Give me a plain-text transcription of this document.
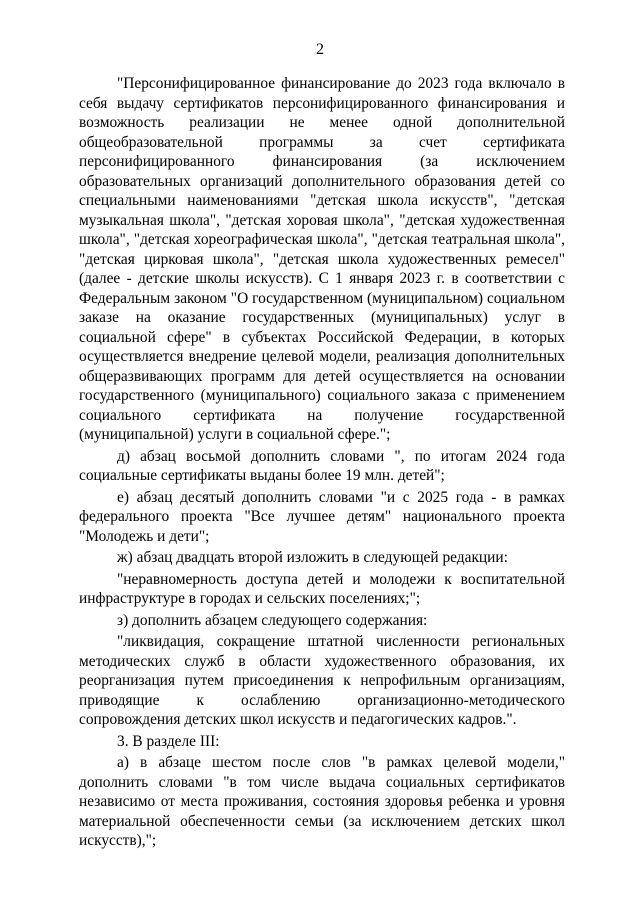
2

"Персонифицированное финансирование до 2023 года включало в себя выдачу сертификатов персонифицированного финансирования и возможность реализации не менее одной дополнительной общеобразовательной программы за счет сертификата персонифицированного финансирования (за исключением образовательных организаций дополнительного образования детей со специальными наименованиями "детская школа искусств", "детская музыкальная школа", "детская хоровая школа", "детская художественная школа", "детская хореографическая школа", "детская театральная школа", "детская цирковая школа", "детская школа художественных ремесел" (далее - детские школы искусств). С 1 января 2023 г. в соответствии с Федеральным законом "О государственном (муниципальном) социальном заказе на оказание государственных (муниципальных) услуг в социальной сфере" в субъектах Российской Федерации, в которых осуществляется внедрение целевой модели, реализация дополнительных общеразвивающих программ для детей осуществляется на основании государственного (муниципального) социального заказа с применением социального сертификата на получение государственной (муниципальной) услуги в социальной сфере.";

д) абзац восьмой дополнить словами ", по итогам 2024 года социальные сертификаты выданы более 19 млн. детей";

е) абзац десятый дополнить словами "и с 2025 года - в рамках федерального проекта "Все лучшее детям" национального проекта "Молодежь и дети";

ж) абзац двадцать второй изложить в следующей редакции:

"неравномерность доступа детей и молодежи к воспитательной инфраструктуре в городах и сельских поселениях;";

з) дополнить абзацем следующего содержания:

"ликвидация, сокращение штатной численности региональных методических служб в области художественного образования, их реорганизация путем присоединения к непрофильным организациям, приводящие к ослаблению организационно-методического сопровождения детских школ искусств и педагогических кадров.".

3. В разделе III:

а) в абзаце шестом после слов "в рамках целевой модели," дополнить словами "в том числе выдача социальных сертификатов независимо от места проживания, состояния здоровья ребенка и уровня материальной обеспеченности семьи (за исключением детских школ искусств),";
